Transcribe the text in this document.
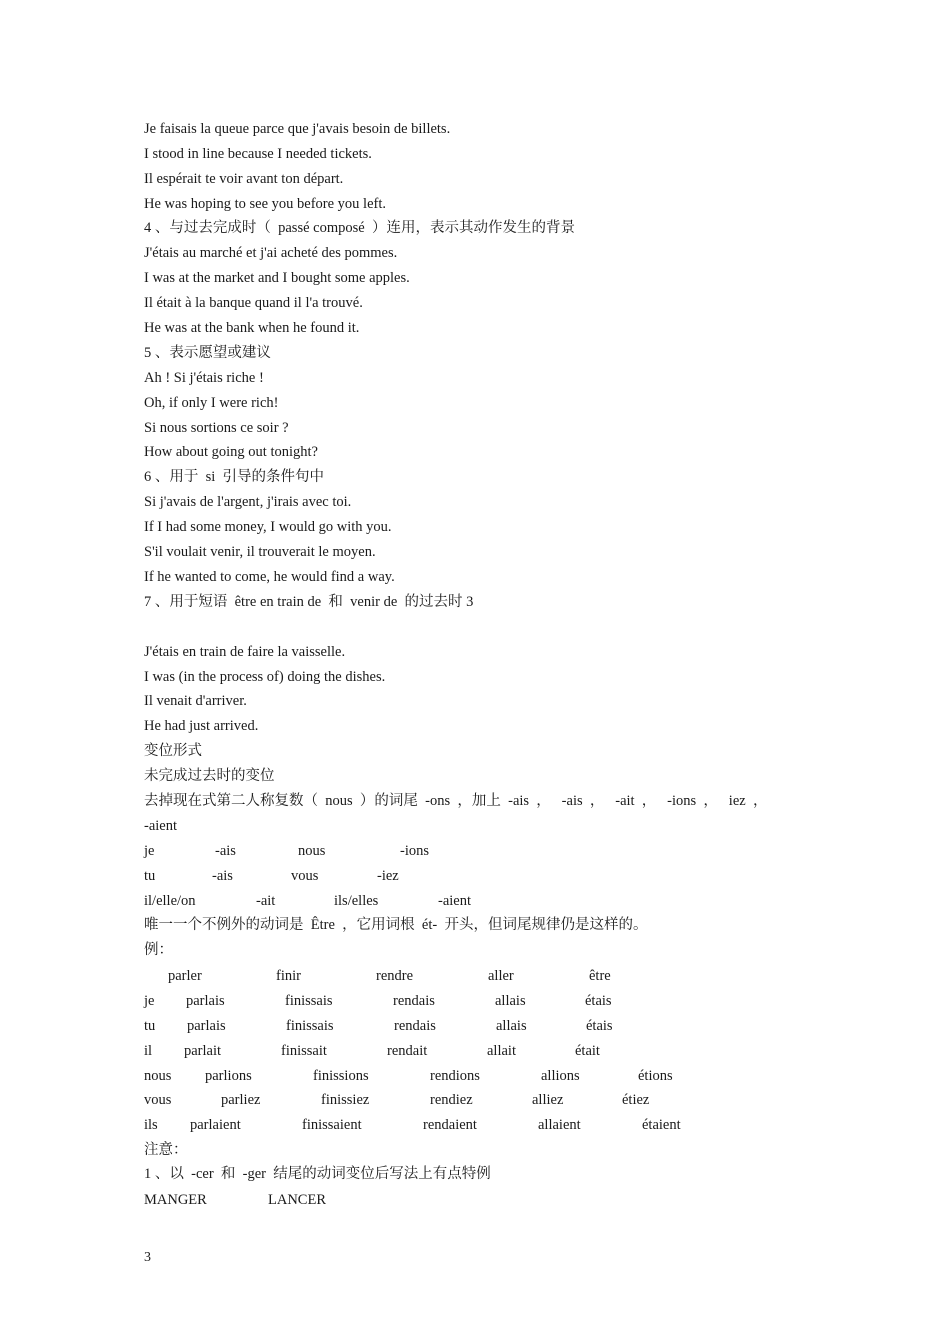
Je faisais la queue parce que j'avais besoin de billets.

I stood in line because I needed tickets.

Il espérait te voir avant ton départ.

He was hoping to see you before you left.

4 、与过去完成时（  passé composé  ）连用，表示其动作发生的背景

J'étais au marché et j'ai acheté des pommes.

I was at the market and I bought some apples.

Il était à la banque quand il l'a trouvé.

He was at the bank when he found it.

5 、表示愿望或建议

Ah ! Si j'étais riche !

Oh, if only I were rich!

Si nous sortions ce soir ?

How about going out tonight?

6 、用于  si  引导的条件句中

Si j'avais de l'argent, j'irais avec toi.

If I had some money, I would go with you.

S'il voulait venir, il trouverait le moyen.

If he wanted to come, he would find a way.

7 、用于短语  être en train de  和  venir de  的过去时 3

J'étais en train de faire la vaisselle.

I was (in the process of) doing the dishes.

Il venait d'arriver.

He had just arrived.

变位形式

未完成过去时的变位

去掉现在式第二人称复数（  nous  ）的词尾  -ons  ，加上  -ais  ，   -ais  ，   -ait  ，   -ions  ，   iez  ，

-aient

je	-ais	nous	-ions
tu	-ais	vous	-iez
il/elle/on	-ait	ils/elles	-aient

唯一一个不例外的动词是  Être  ，它用词根  ét-  开头，但词尾规律仍是这样的。

例：

parler	finir	rendre	aller	être
je parlais	finissais	rendais	allais	étais
tu parlais	finissais	rendais	allais	étais
il parlait	finissait	rendait	allait	était
nous parlions	finissions	rendions	allions	étions
vous	parliez	finissiez	rendiez	alliez	étiez
ils parlaient	finissaient	rendaient	allaient	étaient

注意：

1 、以  -cer  和  -ger  结尾的动词变位后写法上有点特例

MANGER	LANCER
3
